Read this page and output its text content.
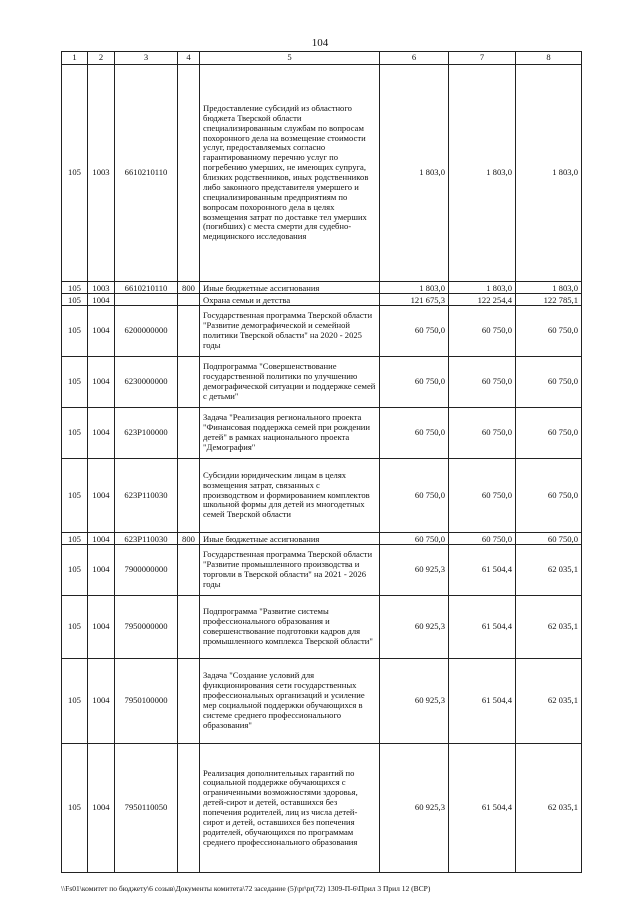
104
1	2	3	4	5	6	7	8
105	1003	6610210110		Предоставление субсидий из областного бюджета Тверской области специализированным службам по вопросам похоронного дела на возмещение стоимости услуг, предоставляемых согласно гарантированному перечню услуг по погребению умерших, не имеющих супруга, близких родственников, иных родственников либо законного представителя умершего и специализированным предприятиям по вопросам похоронного дела в целях возмещения затрат по доставке тел умерших (погибших) с места смерти для судебно-медицинского исследования	1 803,0	1 803,0	1 803,0
105	1003	6610210110	800	Иные бюджетные ассигнования	1 803,0	1 803,0	1 803,0
105	1004			Охрана семьи и детства	121 675,3	122 254,4	122 785,1
105	1004	6200000000		Государственная программа Тверской области "Развитие демографической и семейной политики Тверской области" на 2020 - 2025 годы	60 750,0	60 750,0	60 750,0
105	1004	6230000000		Подпрограмма "Совершенствование государственной политики по улучшению демографической ситуации и поддержке семей с детьми"	60 750,0	60 750,0	60 750,0
105	1004	623P100000		Задача "Реализация регионального проекта "Финансовая поддержка семей при рождении детей" в рамках национального проекта "Демография"	60 750,0	60 750,0	60 750,0
105	1004	623P110030		Субсидии юридическим лицам в целях возмещения затрат, связанных с производством и формированием комплектов школьной формы для детей из многодетных семей Тверской области	60 750,0	60 750,0	60 750,0
105	1004	623P110030	800	Иные бюджетные ассигнования	60 750,0	60 750,0	60 750,0
105	1004	7900000000		Государственная программа Тверской области "Развитие промышленного производства и торговли в Тверской области" на 2021 - 2026 годы	60 925,3	61 504,4	62 035,1
105	1004	7950000000		Подпрограмма "Развитие системы профессионального образования и совершенствование подготовки кадров для промышленного комплекса Тверской области"	60 925,3	61 504,4	62 035,1
105	1004	7950100000		Задача "Создание условий для функционирования сети государственных профессиональных организаций и усиление мер социальной поддержки обучающихся в системе среднего профессионального образования"	60 925,3	61 504,4	62 035,1
105	1004	7950110050		Реализация дополнительных гарантий по социальной поддержке обучающихся с ограниченными возможностями здоровья, детей-сирот и детей, оставшихся без попечения родителей, лиц из числа детей-сирот и детей, оставшихся без попечения родителей, обучающихся по программам среднего профессионального образования	60 925,3	61 504,4	62 035,1
\\Fs01\комитет по бюджету\6 созыв\Документы комитета\72 заседание (5)\pr\pr(72) 1309-П-6\Прил 3 Прил 12 (ВСР)
